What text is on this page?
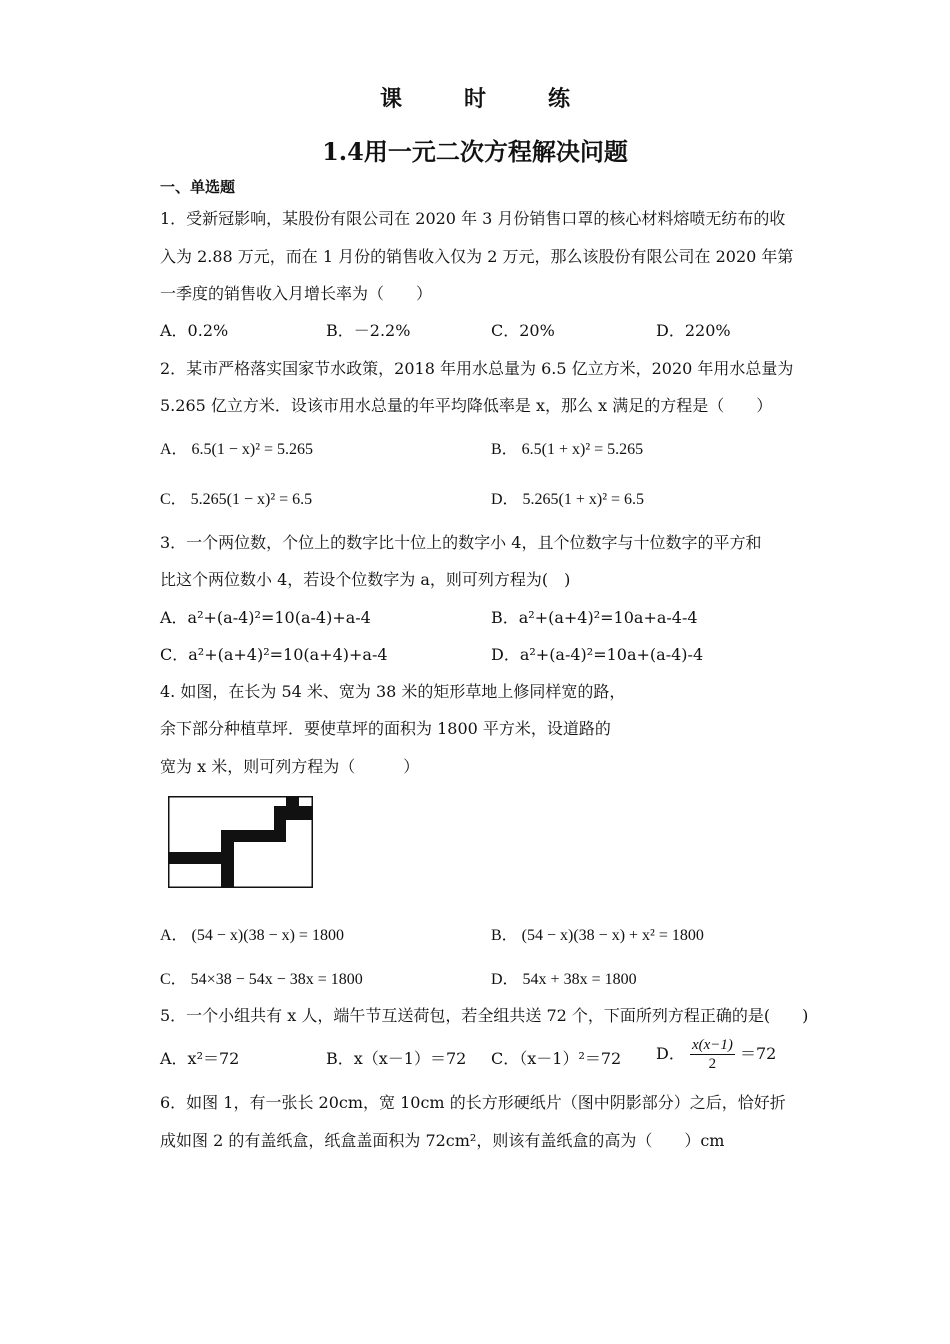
课　时　练
1.4用一元二次方程解决问题
一、单选题
1．受新冠影响，某股份有限公司在 2020 年 3 月份销售口罩的核心材料熔喷无纺布的收
入为 2.88 万元，而在 1 月份的销售收入仅为 2 万元，那么该股份有限公司在 2020 年第
一季度的销售收入月增长率为（　　）
A．0.2%	B．－2.2%	C．20%	D．220%
2．某市严格落实国家节水政策，2018 年用水总量为 6.5 亿立方米，2020 年用水总量为
5.265 亿立方米．设该市用水总量的年平均降低率是 x，那么 x 满足的方程是（　　）
A． 6.5(1 − x)² = 5.265	B． 6.5(1 + x)² = 5.265
C． 5.265(1 − x)² = 6.5	D． 5.265(1 + x)² = 6.5
3．一个两位数，个位上的数字比十位上的数字小 4，且个位数字与十位数字的平方和
比这个两位数小 4，若设个位数字为 a，则可列方程为(　)
A．a²+(a-4)²=10(a-4)+a-4	B．a²+(a+4)²=10a+a-4-4
C．a²+(a+4)²=10(a+4)+a-4	D．a²+(a-4)²=10a+(a-4)-4
4. 如图，在长为 54 米、宽为 38 米的矩形草地上修同样宽的路，
余下部分种植草坪．要使草坪的面积为 1800 平方米，设道路的
宽为 x 米，则可列方程为（　　　）
A． (54 − x)(38 − x) = 1800	B． (54 − x)(38 − x) + x² = 1800
C． 54×38 − 54x − 38x = 1800	D． 54x + 38x = 1800
5．一个小组共有 x 人，端午节互送荷包，若全组共送 72 个，下面所列方程正确的是(　　)
A．x²＝72	B．x（x－1）＝72 C．（x－1）²＝72 D． $\frac{x(x-1)}{2} =72$
6．如图 1，有一张长 20cm，宽 10cm 的长方形硬纸片（图中阴影部分）之后，恰好折
成如图 2 的有盖纸盒，纸盒盖面积为 72cm²，则该有盖纸盒的高为（　　）cm
